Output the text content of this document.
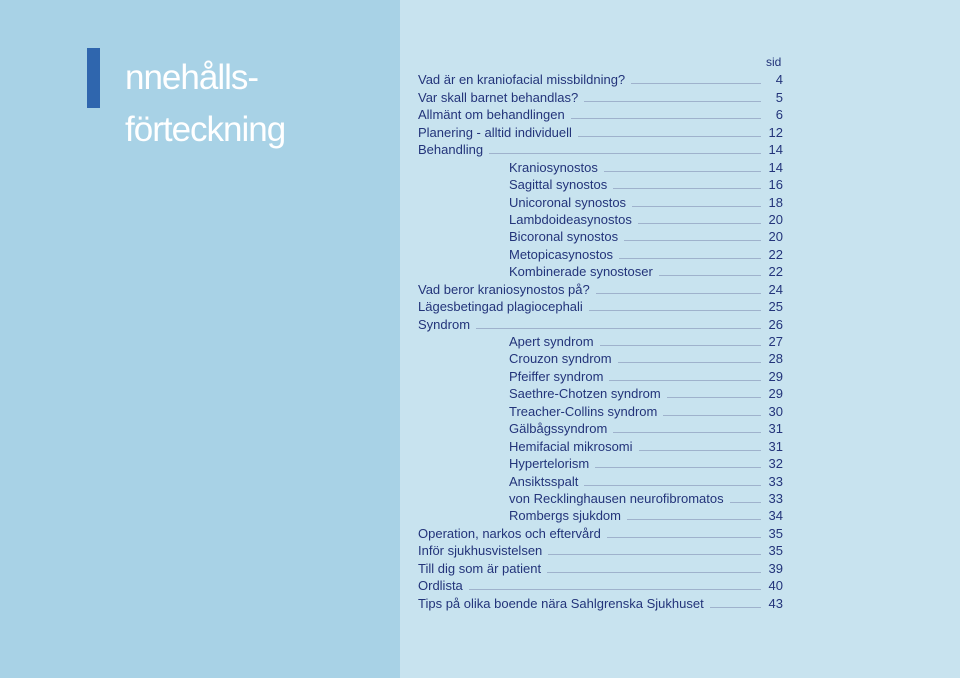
nnehålls-
förteckning
sid
Vad är en kraniofacial missbildning?	4
Var skall barnet behandlas?	5
Allmänt om behandlingen	6
Planering - alltid individuell	12
Behandling	14
Kraniosynostos	14
Sagittal synostos	16
Unicoronal synostos	18
Lambdoideasynostos	20
Bicoronal synostos	20
Metopicasynostos	22
Kombinerade synostoser	22
Vad beror kraniosynostos på?	24
Lägesbetingad plagiocephali	25
Syndrom	26
Apert syndrom	27
Crouzon syndrom	28
Pfeiffer syndrom	29
Saethre-Chotzen syndrom	29
Treacher-Collins syndrom	30
Gälbågssyndrom	31
Hemifacial mikrosomi	31
Hypertelorism	32
Ansiktsspalt	33
von Recklinghausen neurofibromatos	33
Rombergs sjukdom	34
Operation, narkos och eftervård	35
Inför sjukhusvistelsen	35
Till dig som är patient	39
Ordlista	40
Tips på olika boende nära Sahlgrenska Sjukhuset	43
